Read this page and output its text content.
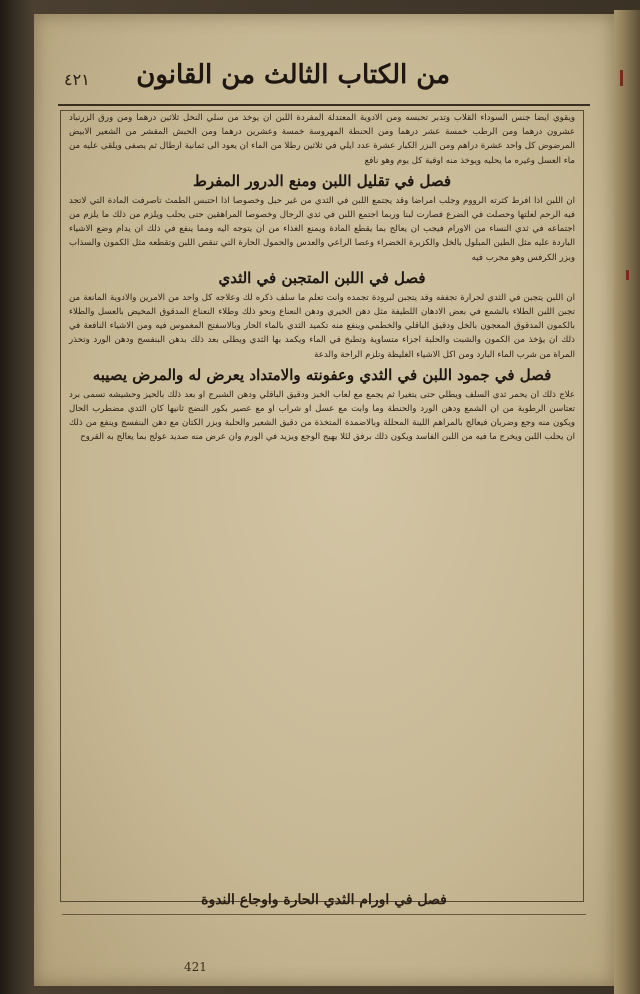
من الكتاب الثالث من القانون
٤٢١

ويقوي ايضا جنس السوداء القلاب وتدبر تحبسه ومن الادوية المعتدلة المفردة اللبن ان يوخذ من سلي النخل ثلاثين درهما ومن ورق الزرنباد عشرون درهما ومن الرطب خمسة عشر درهما ومن الحنطة المهروسة خمسة وعشرين درهما ومن الحبش المقشر من الشعير الابيض المرضوض كل واحد عشرة دراهم ومن البزر الكبار عشرة عدد ايلي في ثلاثين رطلا من الماء ان يعود الى ثمانية ارطال ثم يصفى ويلقى عليه من ماء العسل وغيره ما يحليه ويوخذ منه اوقية كل يوم وهو نافع

فصل في تقليل اللبن ومنع الدرور المفرط

ان اللبن اذا افرط كثرته الرووم وجلب امراضا وقد يجتمع اللبن في الثدي من غير حبل وخصوصا اذا احتبس الطمث تاصرفت المادة التي لاتجد فيه الرحم لعلتها وحصلت في الضرع فصارت لبنا وربما اجتمع اللبن في ثدي الرجال وخصوصا المراهقين حتى يحلب ويلزم من ذلك ما يلزم من اجتماعه في ثدي النساء من الاورام فيجب ان يعالج بما يقطع المادة ويمنع الغذاء من ان يتوجه اليه ومما ينفع في ذلك ان يدام وضع الاشياء الباردة عليه مثل الطين المبلول بالخل والكزبرة الخضراء وعصا الراعي والعدس والحمول الحارة التي تنقص اللبن وتقطعه مثل الكمون والسذاب وبزر الكرفس وهو مجرب فيه

فصل في اللبن المتجبن في الثدي

ان اللبن يتجبن في الثدي لحرارة تجففه وقد يتجبن لبرودة تجمده وانت تعلم ما سلف ذكره لك وعلاجه كل واحد من الامرين والادوية المانعة من تجبن اللبن الطلاء بالشمع في بعض الادهان اللطيفة مثل دهن الخيري ودهن النعناع ونحو ذلك وطلاء النعناع المدقوق المخيض بالعسل والطلاء بالكمون المدقوق المعجون بالخل ودقيق الباقلي والخطمي وينفع منه تكميد الثدي بالماء الحار وبالاسفنج المغموس فيه ومن الاشياء النافعة في ذلك ان يؤخذ من الكمون والشبت والحلبة اجزاء متساوية وتطبخ في الماء ويكمد بها الثدي ويطلى بعد ذلك بدهن البنفسج ودهن الورد وتحذر المراة من شرب الماء البارد ومن اكل الاشياء الغليظة وتلزم الراحة والدعة

فصل في جمود اللبن في الثدي وعفونته والامتداد يعرض له والمرض يصيبه

علاج ذلك ان يحمر ثدي السلف ويطلي حتى يتغيرا ثم يجمع مع لعاب الخبز ودقيق الباقلي ودهن الشبرج او بعد ذلك بالحيز وحشيشه تسمى برد تعتاسن الرطوبة من ان الشمع ودهن الورد والحنطة وما وابت مع عسل او شراب او مع عصير بكور النضج ثانيها كان الثدي مضطرب الحال ويكون منه وجع وضربان فيعالج بالمراهم اللينة المحللة وبالاضمدة المتخذة من دقيق الشعير والحلبة وبزر الكتان مع دهن البنفسج وينفع من ذلك ان يحلب اللبن ويخرج ما فيه من اللبن الفاسد ويكون ذلك برفق لئلا يهيج الوجع ويزيد في الورم وان عرض منه صديد عولج بما يعالج به القروح

فصل في اورام الثدي الحارة واوجاع الندوة
421
